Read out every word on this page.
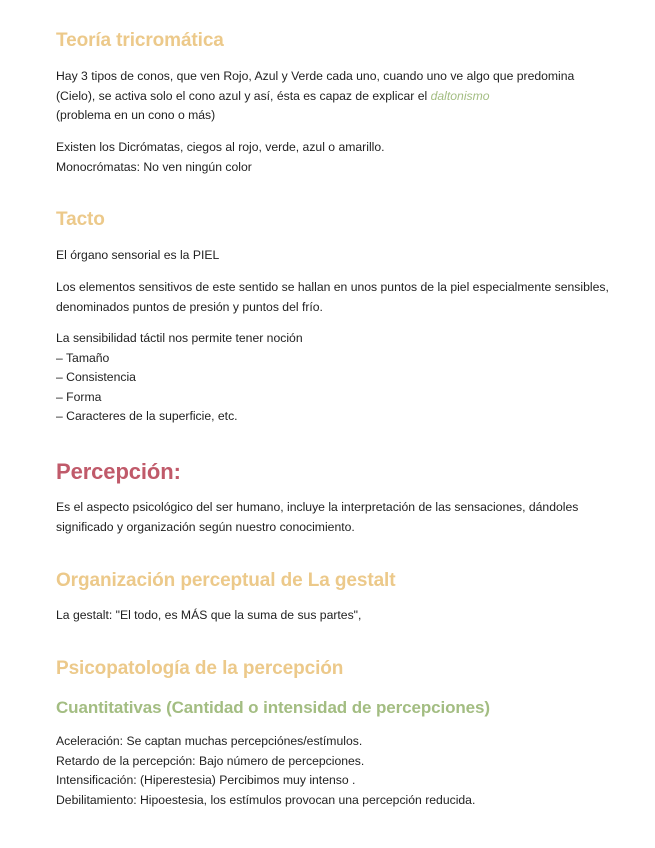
Teoría tricromática

Hay 3 tipos de conos, que ven Rojo, Azul y Verde cada uno, cuando uno ve algo que predomina (Cielo), se activa solo el cono azul y así, ésta es capaz de explicar el daltonismo
(problema en un cono o más)

Existen los Dicrómatas, ciegos al rojo, verde, azul o amarillo.
Monocrómatas: No ven ningún color

Tacto

El órgano sensorial es la PIEL

Los elementos sensitivos de este sentido se hallan en unos puntos de la piel especialmente sensibles, denominados puntos de presión y puntos del frío.

La sensibilidad táctil nos permite tener noción
– Tamaño
– Consistencia
– Forma
– Caracteres de la superficie, etc.

Percepción:

Es el aspecto psicológico del ser humano, incluye la interpretación de las sensaciones, dándoles significado y organización según nuestro conocimiento.

Organización perceptual de La gestalt

La gestalt: "El todo, es MÁS que la suma de sus partes",

Psicopatología de la percepción
Cuantitativas (Cantidad o intensidad de percepciones)

Aceleración: Se captan muchas percepciónes/estímulos.
Retardo de la percepción: Bajo número de percepciones.
Intensificación: (Hiperestesia) Percibimos muy intenso .
Debilitamiento: Hipoestesia, los estímulos provocan una percepción reducida.
